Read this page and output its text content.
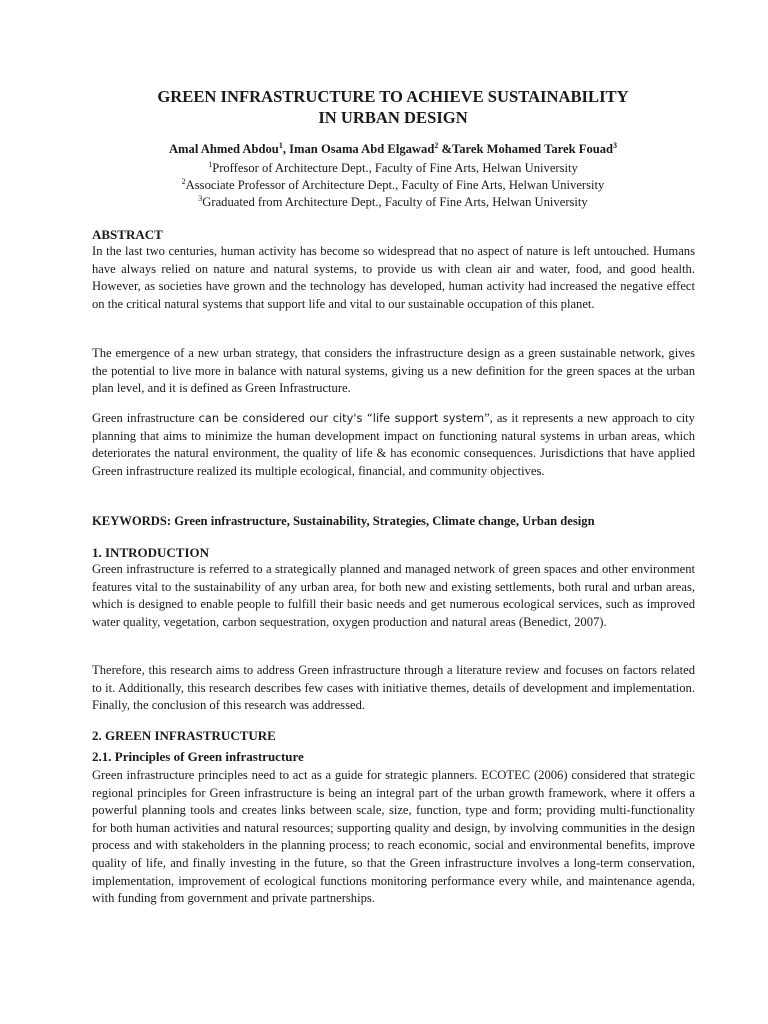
GREEN INFRASTRUCTURE TO ACHIEVE SUSTAINABILITY
IN URBAN DESIGN
Amal Ahmed Abdou$^1$, Iman Osama Abd Elgawad$^2$ &Tarek Mohamed Tarek Fouad$^3$
$^1$Proffesor of Architecture Dept., Faculty of Fine Arts, Helwan University
$^2$Associate Professor of Architecture Dept., Faculty of Fine Arts, Helwan University
$^3$Graduated from Architecture Dept., Faculty of Fine Arts, Helwan University
ABSTRACT
In the last two centuries, human activity has become so widespread that no aspect of nature is left untouched. Humans have always relied on nature and natural systems, to provide us with clean air and water, food, and good health. However, as societies have grown and the technology has developed, human activity had increased the negative effect on the critical natural systems that support life and vital to our sustainable occupation of this planet.
The emergence of a new urban strategy, that considers the infrastructure design as a green sustainable network, gives the potential to live more in balance with natural systems, giving us a new definition for the green spaces at the urban plan level, and it is defined as Green Infrastructure.
Green infrastructure can be considered our city's “life support system”, as it represents a new approach to city planning that aims to minimize the human development impact on functioning natural systems in urban areas, which deteriorates the natural environment, the quality of life & has economic consequences. Jurisdictions that have applied Green infrastructure realized its multiple ecological, financial, and community objectives.
KEYWORDS: Green infrastructure, Sustainability, Strategies, Climate change, Urban design
1. INTRODUCTION
Green infrastructure is referred to a strategically planned and managed network of green spaces and other environment features vital to the sustainability of any urban area, for both new and existing settlements, both rural and urban areas, which is designed to enable people to fulfill their basic needs and get numerous ecological services, such as improved water quality, vegetation, carbon sequestration, oxygen production and natural areas (Benedict, 2007).
Therefore, this research aims to address Green infrastructure through a literature review and focuses on factors related to it. Additionally, this research describes few cases with initiative themes, details of development and implementation. Finally, the conclusion of this research was addressed.
2. GREEN INFRASTRUCTURE
2.1. Principles of Green infrastructure
Green infrastructure principles need to act as a guide for strategic planners. ECOTEC (2006) considered that strategic regional principles for Green infrastructure is being an integral part of the urban growth framework, where it offers a powerful planning tools and creates links between scale, size, function, type and form; providing multi-functionality for both human activities and natural resources; supporting quality and design, by involving communities in the design process and with stakeholders in the planning process; to reach economic, social and environmental benefits, improve quality of life, and finally investing in the future, so that the Green infrastructure involves a long-term conservation, implementation, improvement of ecological functions monitoring performance every while, and maintenance agenda, with funding from government and private partnerships.
